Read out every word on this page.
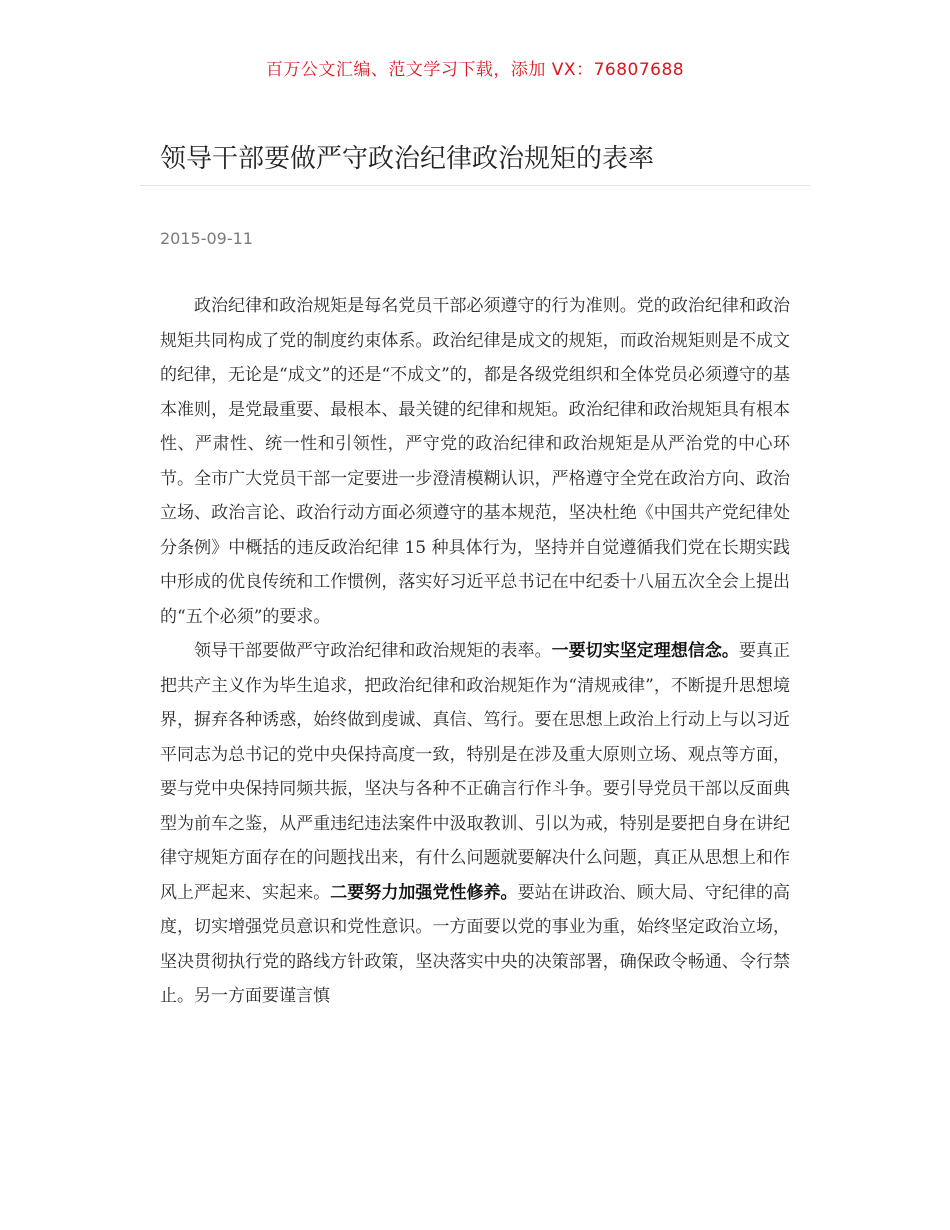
百万公文汇编、范文学习下载，添加 VX：76807688
领导干部要做严守政治纪律政治规矩的表率
2015-09-11

政治纪律和政治规矩是每名党员干部必须遵守的行为准则。党的政治纪律和政治规矩共同构成了党的制度约束体系。政治纪律是成文的规矩，而政治规矩则是不成文的纪律，无论是“成文”的还是“不成文”的，都是各级党组织和全体党员必须遵守的基本准则，是党最重要、最根本、最关键的纪律和规矩。政治纪律和政治规矩具有根本性、严肃性、统一性和引领性，严守党的政治纪律和政治规矩是从严治党的中心环节。全市广大党员干部一定要进一步澄清模糊认识，严格遵守全党在政治方向、政治立场、政治言论、政治行动方面必须遵守的基本规范，坚决杜绝《中国共产党纪律处分条例》中概括的违反政治纪律 15 种具体行为，坚持并自觉遵循我们党在长期实践中形成的优良传统和工作惯例，落实好习近平总书记在中纪委十八届五次全会上提出的“五个必须”的要求。

领导干部要做严守政治纪律和政治规矩的表率。一要切实坚定理想信念。要真正把共产主义作为毕生追求，把政治纪律和政治规矩作为“清规戒律”，不断提升思想境界，摒弃各种诱惑，始终做到虔诚、真信、笃行。要在思想上政治上行动上与以习近平同志为总书记的党中央保持高度一致，特别是在涉及重大原则立场、观点等方面，要与党中央保持同频共振，坚决与各种不正确言行作斗争。要引导党员干部以反面典型为前车之鉴，从严重违纪违法案件中汲取教训、引以为戒，特别是要把自身在讲纪律守规矩方面存在的问题找出来，有什么问题就要解决什么问题，真正从思想上和作风上严起来、实起来。二要努力加强党性修养。要站在讲政治、顾大局、守纪律的高度，切实增强党员意识和党性意识。一方面要以党的事业为重，始终坚定政治立场，坚决贯彻执行党的路线方针政策，坚决落实中央的决策部署，确保政令畅通、令行禁止。另一方面要谨言慎
